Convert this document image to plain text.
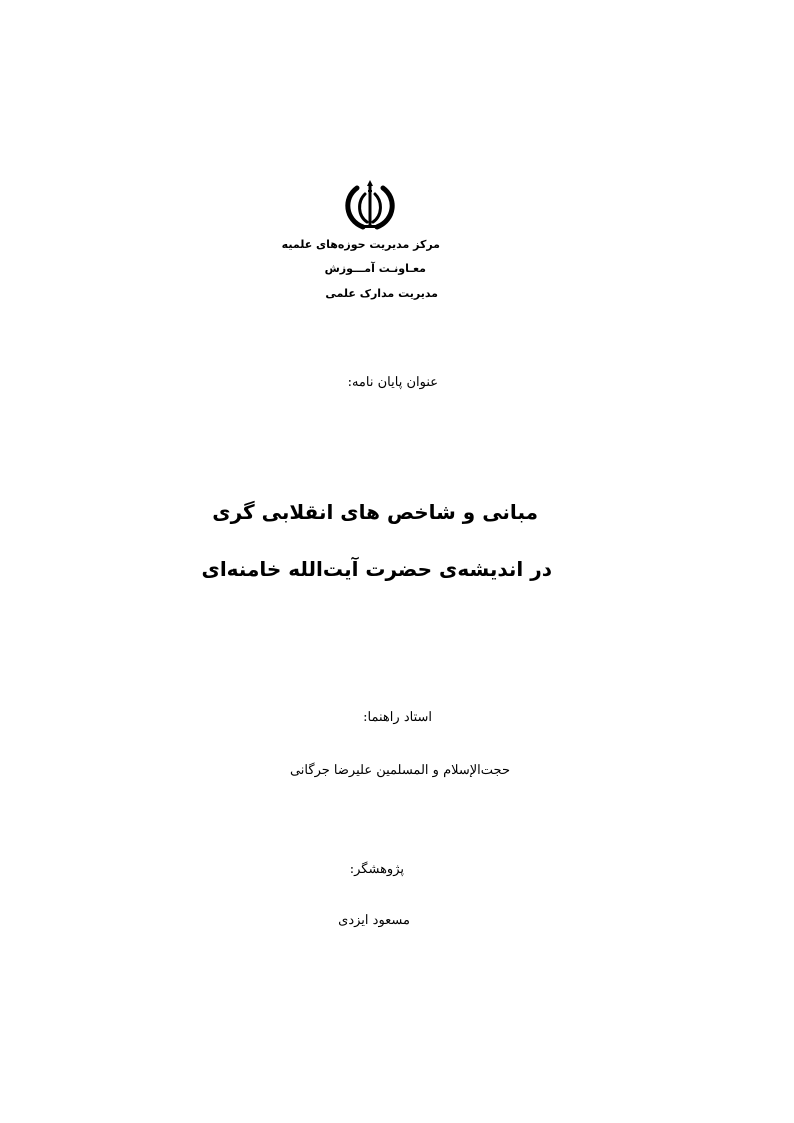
مرکز مدیریت حوزه‌های علمیه
معـاونـت آمـــوزش
مدیریت مدارک علمی
عنوان پایان نامه:
مبانی و شاخص های انقلابی گری
در اندیشه‌ی حضرت آیت‌الله خامنه‌ای
استاد راهنما:
حجت‌الإسلام و المسلمین علیرضا جرگانی
پژوهشگر:
مسعود ایزدی
